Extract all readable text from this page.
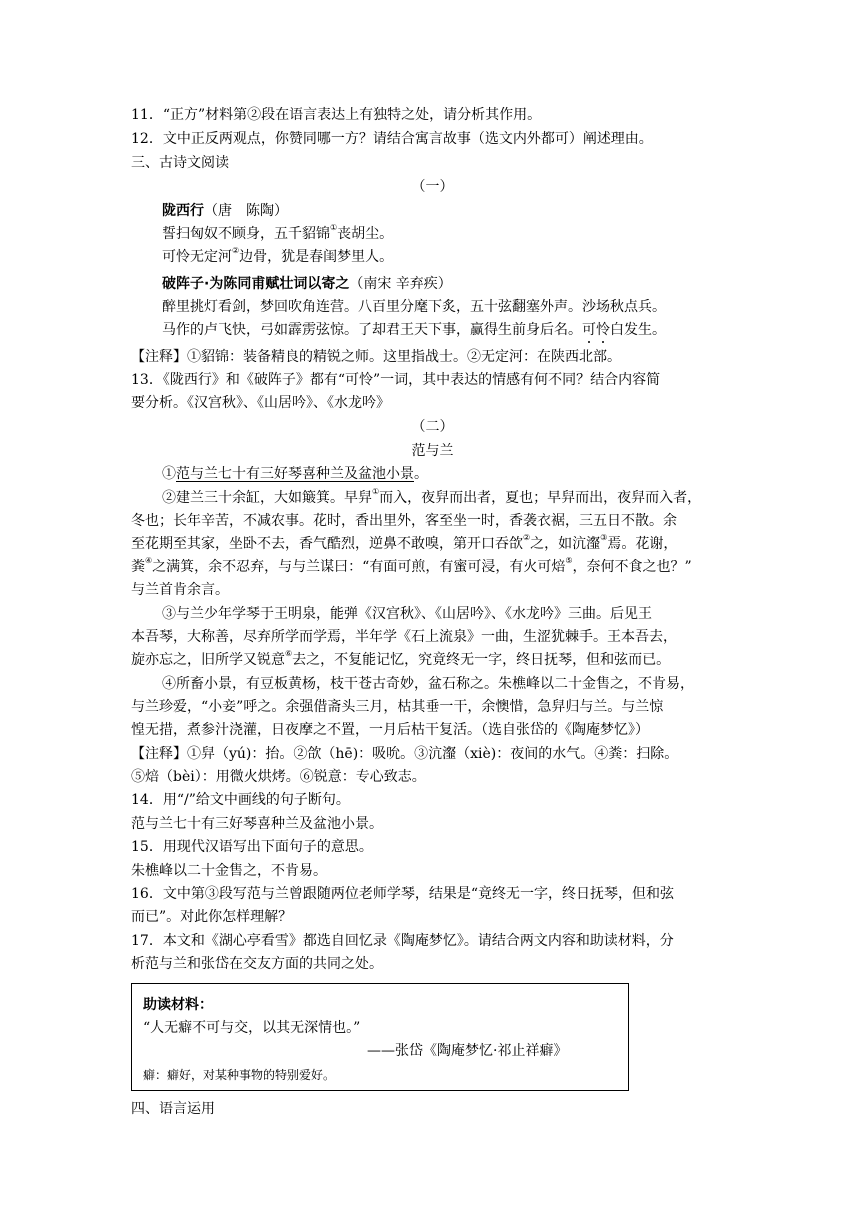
11．“正方”材料第②段在语言表达上有独特之处，请分析其作用。
12．文中正反两观点，你赞同哪一方？请结合寓言故事（选文内外都可）阐述理由。
三、古诗文阅读
（一）
陇西行（唐　陈陶）
誓扫匈奴不顾身，五千貂锦①丧胡尘。
可怜无定河②边骨，犹是春闺梦里人。
破阵子·为陈同甫赋壮词以寄之（南宋 辛弃疾）
醉里挑灯看剑，梦回吹角连营。八百里分麾下炙，五十弦翻塞外声。沙场秋点兵。
马作的卢飞快，弓如霹雳弦惊。了却君王天下事，赢得生前身后名。可怜白发生。
【注释】①貂锦：装备精良的精锐之师。这里指战士。②无定河：在陕西北部。
13．《陇西行》和《破阵子》都有“可怜”一词，其中表达的情感有何不同？结合内容简
要分析。《汉宫秋》、《山居吟》、《水龙吟》
（二）
范与兰
①范与兰七十有三好琴喜种兰及盆池小景。
②建兰三十余缸，大如簸箕。早舁①而入，夜舁而出者，夏也；早舁而出，夜舁而入者，
冬也；长年辛苦，不减农事。花时，香出里外，客至坐一时，香袭衣裾，三五日不散。余
至花期至其家，坐卧不去，香气酷烈，逆鼻不敢嗅，第开口吞欱②之，如沆瀣③焉。花谢，
粪④之满箕，余不忍弃，与与兰谋曰：“有面可煎，有蜜可浸，有火可焙⑤，奈何不食之也？”
与兰首肯余言。
③与兰少年学琴于王明泉，能弹《汉宫秋》、《山居吟》、《水龙吟》三曲。后见王
本吾琴，大称善，尽弃所学而学焉，半年学《石上流泉》一曲，生涩犹棘手。王本吾去，
旋亦忘之，旧所学又锐意⑥去之，不复能记忆，究竟终无一字，终日抚琴，但和弦而已。
④所畜小景，有豆板黄杨，枝干苍古奇妙，盆石称之。朱樵峰以二十金售之，不肯易，
与兰珍爱，“小妾”呼之。余强借斋头三月，枯其垂一干，余懊惜，急舁归与兰。与兰惊
惶无措，煮参汁浇灌，日夜摩之不置，一月后枯干复活。（选自张岱的《陶庵梦忆》）
【注释】①舁（yú)：抬。②欱（hē)：吸吮。③沆瀣（xiè)：夜间的水气。④粪：扫除。
⑤焙（bèi）：用微火烘烤。⑥锐意：专心致志。
14．用“/”给文中画线的句子断句。
范与兰七十有三好琴喜种兰及盆池小景。
15．用现代汉语写出下面句子的意思。
朱樵峰以二十金售之，不肯易。
16．文中第③段写范与兰曾跟随两位老师学琴，结果是“竟终无一字，终日抚琴，但和弦
而已”。对此你怎样理解？
17．本文和《湖心亭看雪》都选自回忆录《陶庵梦忆》。请结合两文内容和助读材料，分
析范与兰和张岱在交友方面的共同之处。
助读材料：
“人无癖不可与交，以其无深情也。”
——张岱《陶庵梦忆·祁止祥癖》
癖：癖好，对某种事物的特别爱好。
四、语言运用
